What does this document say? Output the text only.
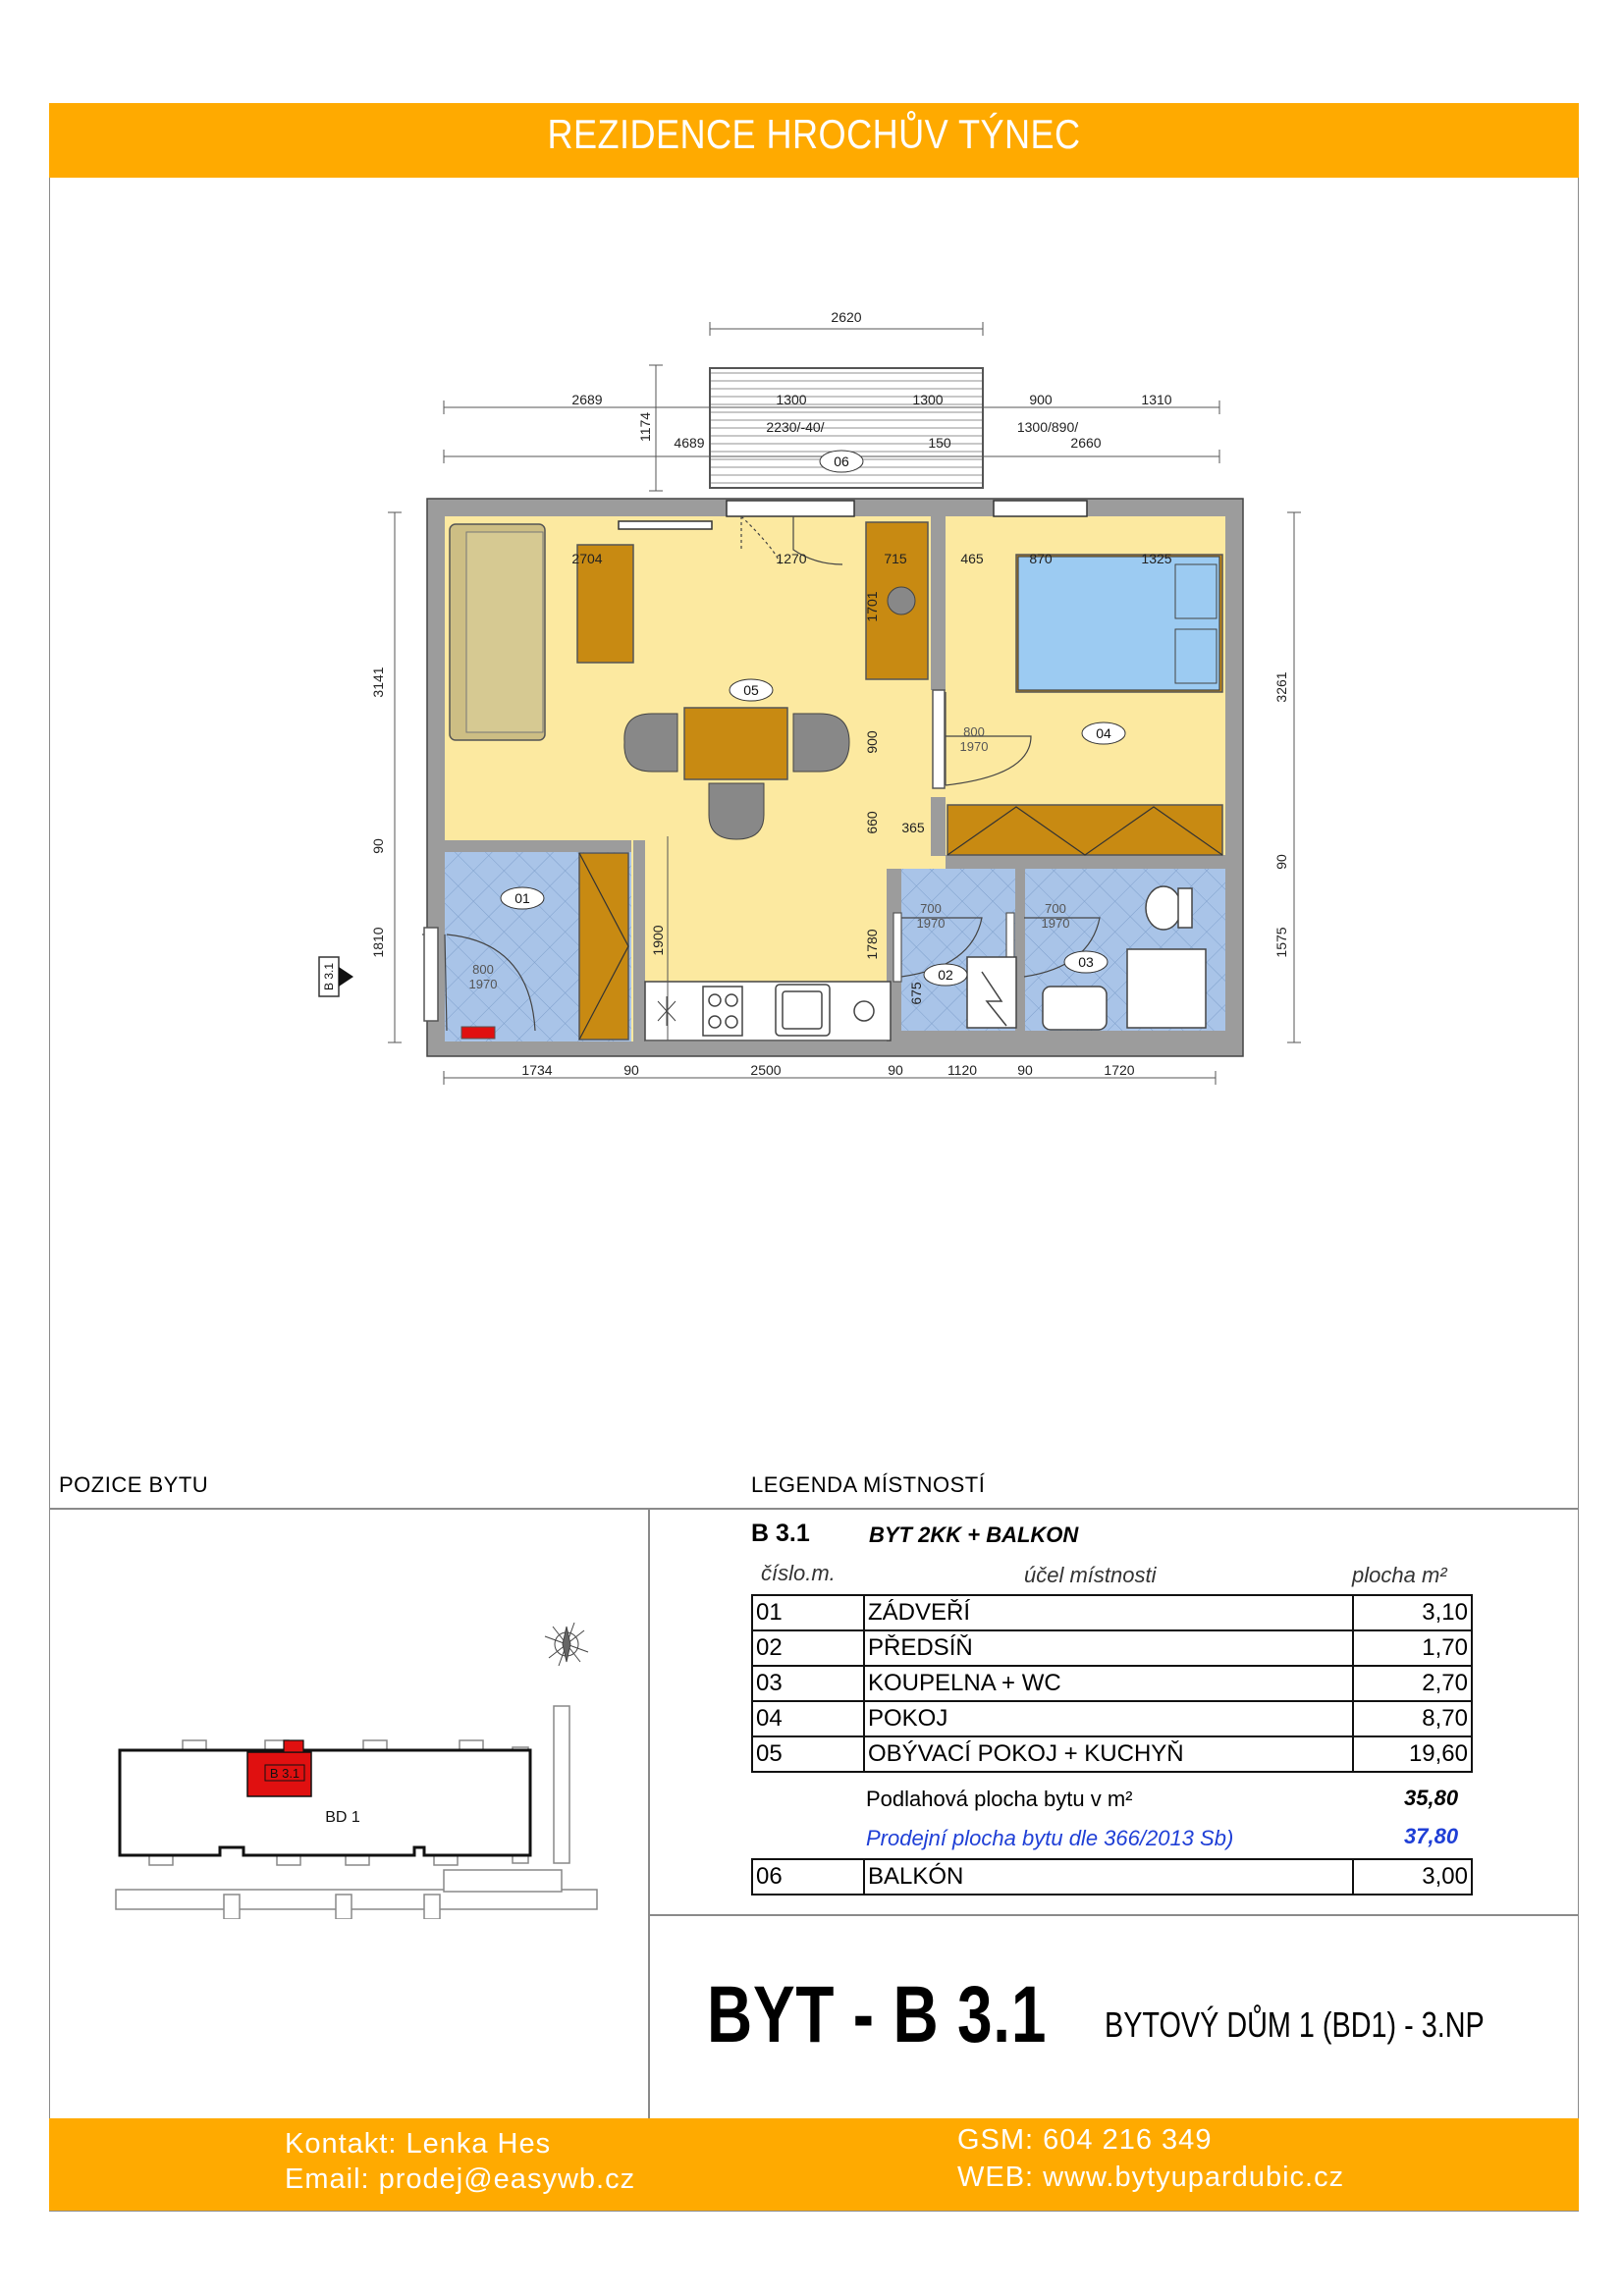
REZIDENCE HROCHŮV TÝNEC
2620
2689	1300	1300	900	1310
4689
2230/-40/
150
1300/890/
2660
2704	1270	715	465	870	1325
365
1734	90	2500	90	1120	90	1720
1174
3141
90
1810
3261
90
1575
1701
900
660
1900	1780
675
800
1970
700
1970
700
1970
800
1970
01
02
03
04
05
06
B 3.1
POZICE BYTU	LEGENDA MÍSTNOSTÍ
B 3.1
BD 1
B 3.1	BYT 2KK + BALKON
číslo.m.	účel místnosti	plocha m²
01	ZÁDVEŘÍ	3,10
02	PŘEDSÍŇ	1,70
03	KOUPELNA + WC	2,70
04	POKOJ	8,70
05	OBÝVACÍ POKOJ + KUCHYŇ	19,60
Podlahová plocha bytu v m²	35,80
Prodejní plocha bytu dle 366/2013 Sb)	37,80
06	BALKÓN	3,00
BYT - B 3.1 BYTOVÝ DŮM 1 (BD1) - 3.NP
Kontakt: Lenka Hes
Email: prodej@easywb.cz
GSM: 604 216 349
WEB: www.bytyupardubic.cz
